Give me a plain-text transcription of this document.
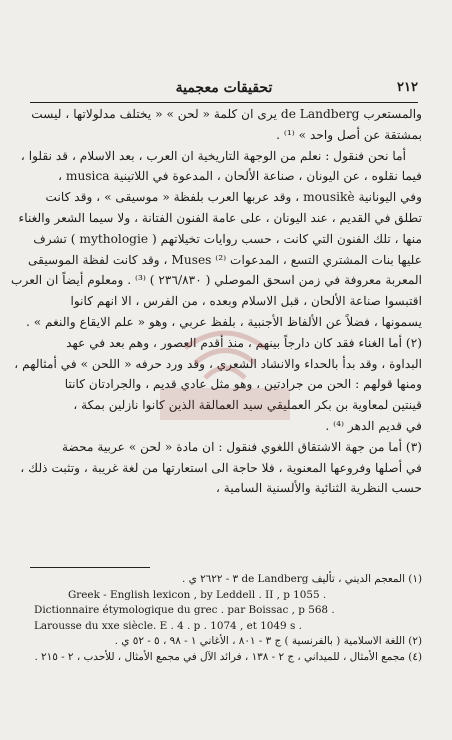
٢١٢
تحقيقات معجمية
والمستعرب de Landberg يرى ان كلمة « لحن » « يختلف مدلولاتها ، ليست
بمشتقة عن أصل واحد » ⁽¹⁾ .
أما نحن فنقول : نعلم من الوجهة التاريخية ان العرب ، بعد الاسلام ، قد نقلوا ،
فيما نقلوه ، عن اليونان ، صناعة الألحان ، المدعوة في اللاتينية musica ،
وفي اليونانية mousikè ، وقد عربها العرب بلفظة « موسيقى » ، وقد كانت
تطلق في القديم ، عند اليونان ، على عامة الفنون الفتانة ، ولا سيما الشعر والغناء
منها ، تلك الفنون التي كانت ، حسب روايات تخيلاتهم ( mythologie ) تشرف
عليها بنات المشتري التسع ، المدعوات Muses ⁽²⁾ ، وقد كانت لفظة الموسيقى
المعربة معروفة في زمن اسحق الموصلي ( ٢٣٦/٨٣٠ ) ⁽³⁾ . ومعلوم أيضاً ان العرب
اقتبسوا صناعة الألحان ، قبل الاسلام وبعده ، من الفرس ، الا انهم كانوا
يسمونها ، فضلاً عن الألفاظ الأجنبية ، بلفظ عربي ، وهو « علم الايقاع والنغم » .
(٢) أما الغناء فقد كان دارجاً بينهم ، منذ أقدم العصور ، وهم بعد في عهد
البداوة ، وقد بدأ بالحداء والانشاد الشعري ، وقد ورد حرفه « اللحن » في أمثالهم ،
ومنها قولهم : الحن من جرادتين ، وهو مثل عادي قديم ، والجرادتان كانتا
قينتين لمعاوية بن بكر العمليقي سيد العمالقة الذين كانوا نازلين بمكة ،
في قديم الدهر ⁽⁴⁾ .
(٣) أما من جهة الاشتقاق اللغوي فنقول : ان مادة « لحن » عربية محضة
في أصلها وفروعها المعنوية ، فلا حاجة الى استعارتها من لغة غريبة ، وتثبت ذلك ،
حسب النظرية الثنائية والألسنية السامية ،
(١) المعجم الديني ، تأليف de Landberg ٣ - ٢٦٢٢ ي .
Greek - English lexicon , by Leddell . II , p 1055 .
Dictionnaire étymologique du grec . par Boissac , p 568 .
Larousse du xxe siècle. E . 4 . p . 1074 , et 1049 s .
(٢) اللغة الاسلامية ( بالفرنسية ) ج ٣ - ٨٠١ ، الأغاني ١ - ٩٨ ، ٥ - ٥٢ ي .
(٤) مجمع الأمثال ، للميداني ، ج ٢ - ١٣٨ ، فرائد الآل في مجمع الأمثال ، للأحدب ، ٢ - ٢١٥ .
